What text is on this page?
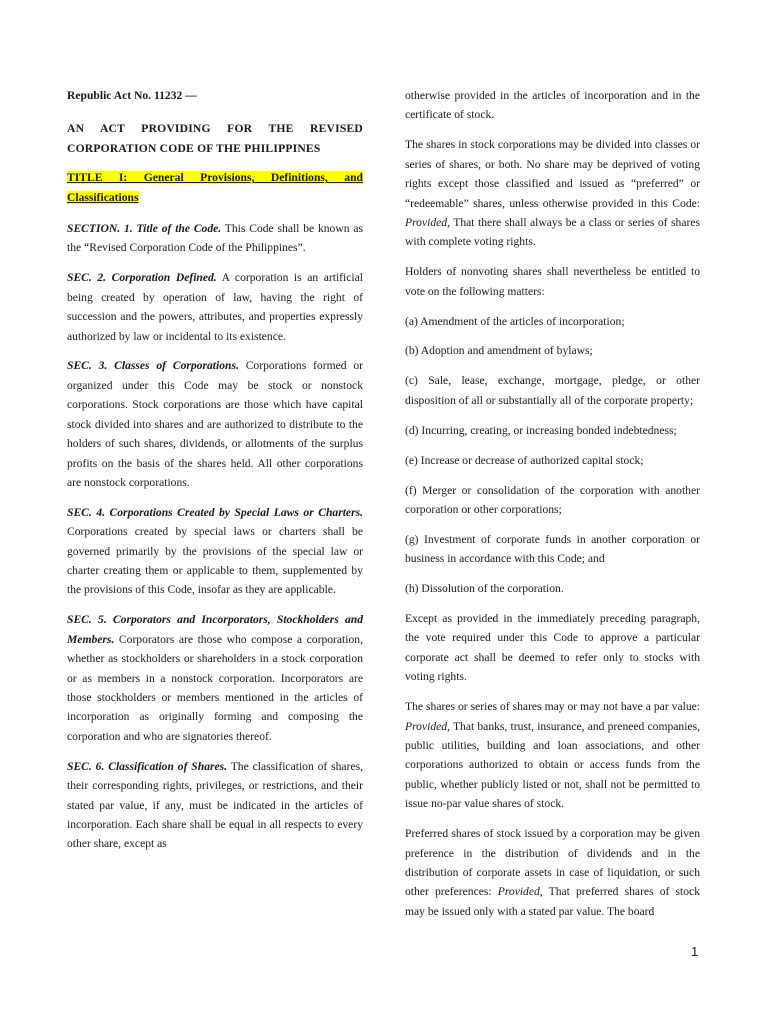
Republic Act No. 11232 —

AN ACT PROVIDING FOR THE REVISED CORPORATION CODE OF THE PHILIPPINES

TITLE I: General Provisions, Definitions, and Classifications

SECTION. 1. Title of the Code. This Code shall be known as the “Revised Corporation Code of the Philippines”.

SEC. 2. Corporation Defined. A corporation is an artificial being created by operation of law, having the right of succession and the powers, attributes, and properties expressly authorized by law or incidental to its existence.

SEC. 3. Classes of Corporations. Corporations formed or organized under this Code may be stock or nonstock corporations. Stock corporations are those which have capital stock divided into shares and are authorized to distribute to the holders of such shares, dividends, or allotments of the surplus profits on the basis of the shares held. All other corporations are nonstock corporations.

SEC. 4. Corporations Created by Special Laws or Charters. Corporations created by special laws or charters shall be governed primarily by the provisions of the special law or charter creating them or applicable to them, supplemented by the provisions of this Code, insofar as they are applicable.

SEC. 5. Corporators and Incorporators, Stockholders and Members. Corporators are those who compose a corporation, whether as stockholders or shareholders in a stock corporation or as members in a nonstock corporation. Incorporators are those stockholders or members mentioned in the articles of incorporation as originally forming and composing the corporation and who are signatories thereof.

SEC. 6. Classification of Shares. The classification of shares, their corresponding rights, privileges, or restrictions, and their stated par value, if any, must be indicated in the articles of incorporation. Each share shall be equal in all respects to every other share, except as

otherwise provided in the articles of incorporation and in the certificate of stock.

The shares in stock corporations may be divided into classes or series of shares, or both. No share may be deprived of voting rights except those classified and issued as “preferred” or “redeemable” shares, unless otherwise provided in this Code: Provided, That there shall always be a class or series of shares with complete voting rights.

Holders of nonvoting shares shall nevertheless be entitled to vote on the following matters:

(a) Amendment of the articles of incorporation;

(b) Adoption and amendment of bylaws;

(c) Sale, lease, exchange, mortgage, pledge, or other disposition of all or substantially all of the corporate property;

(d) Incurring, creating, or increasing bonded indebtedness;

(e) Increase or decrease of authorized capital stock;

(f) Merger or consolidation of the corporation with another corporation or other corporations;

(g) Investment of corporate funds in another corporation or business in accordance with this Code; and

(h) Dissolution of the corporation.

Except as provided in the immediately preceding paragraph, the vote required under this Code to approve a particular corporate act shall be deemed to refer only to stocks with voting rights.

The shares or series of shares may or may not have a par value: Provided, That banks, trust, insurance, and preneed companies, public utilities, building and loan associations, and other corporations authorized to obtain or access funds from the public, whether publicly listed or not, shall not be permitted to issue no-par value shares of stock.

Preferred shares of stock issued by a corporation may be given preference in the distribution of dividends and in the distribution of corporate assets in case of liquidation, or such other preferences: Provided, That preferred shares of stock may be issued only with a stated par value. The board

1
